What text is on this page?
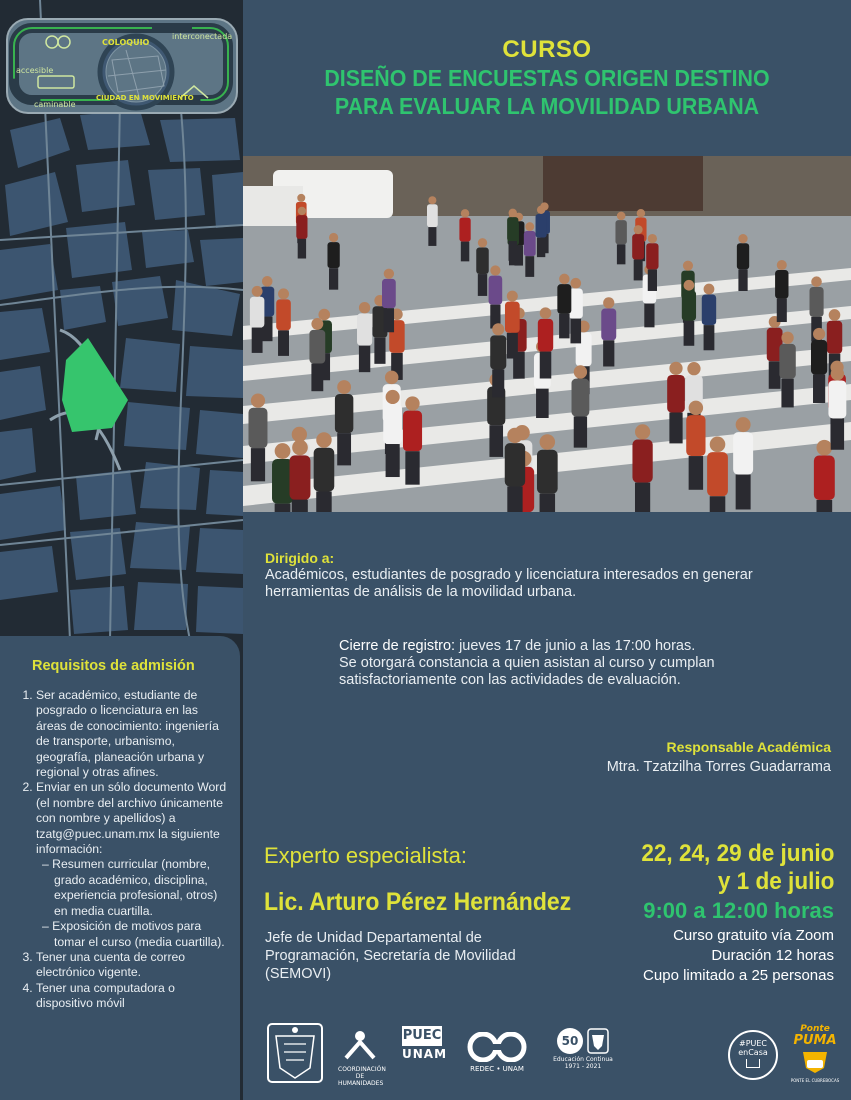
COLOQUIO
CIUDAD EN MOVIMIENTO
interconectada
accesible
caminable
CURSO
DISEÑO DE ENCUESTAS ORIGEN DESTINO
PARA EVALUAR LA MOVILIDAD URBANA
Dirigido a:
Académicos, estudiantes de posgrado y licenciatura interesados en generar herramientas de análisis de la movilidad urbana.
Cierre de registro: jueves 17 de junio a las 17:00 horas.
Se otorgará constancia a quien asistan al curso y cumplan satisfactoriamente con las actividades de evaluación.
Responsable Académica
Mtra. Tzatzilha Torres Guadarrama
Experto especialista:
Lic. Arturo Pérez Hernández
Jefe de Unidad Departamental de Programación, Secretaría de Movilidad (SEMOVI)
22, 24, 29 de junio
y 1 de julio
9:00 a 12:00 horas
Curso gratuito vía Zoom
Duración 12 horas
Cupo limitado a 25 personas
Requisitos de admisión
1. Ser académico, estudiante de posgrado o licenciatura en las áreas de conocimiento: ingeniería de transporte, urbanismo, geografía, planeación urbana y regional y otras afines.
2. Enviar en un sólo documento Word (el nombre del archivo únicamente con nombre y apellidos) a tzatg@puec.unam.mx la siguiente información:
– Resumen curricular (nombre, grado académico, disciplina, experiencia profesional, otros) en media cuartilla.
– Exposición de motivos para tomar el curso (media cuartilla).
3. Tener una cuenta de correo electrónico vigente.
4. Tener una computadora o dispositivo móvil
COORDINACIÓN DE HUMANIDADES
PUEC
UNAM
REDEC • UNAM
50
Educación Continua
1971 - 2021
#PUEC
enCasa
Ponte
PUMA
PONTE EL CUBREBOCAS
